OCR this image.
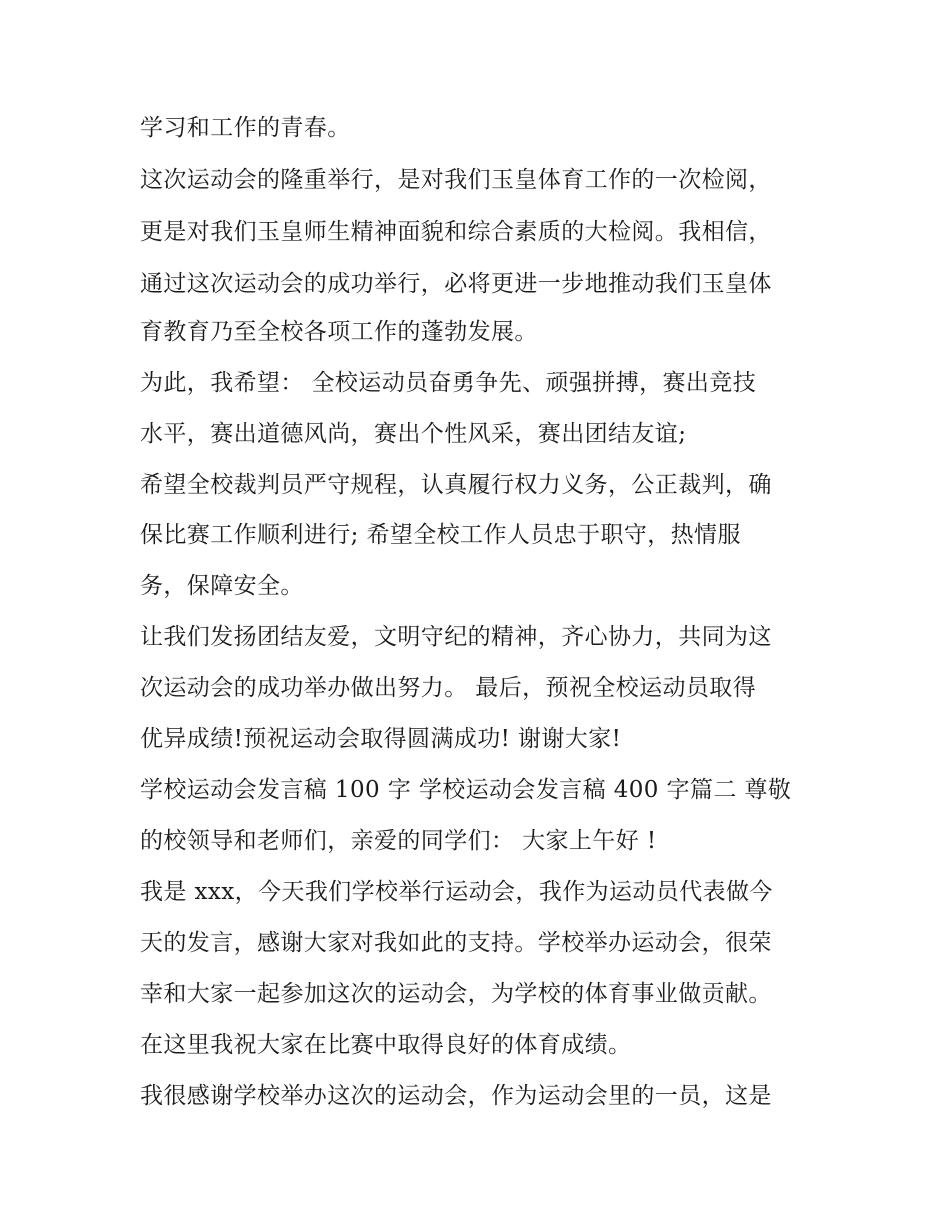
学习和工作的青春。

这次运动会的隆重举行，是对我们玉皇体育工作的一次检阅，

更是对我们玉皇师生精神面貌和综合素质的大检阅。我相信，

通过这次运动会的成功举行，必将更进一步地推动我们玉皇体

育教育乃至全校各项工作的蓬勃发展。

为此，我希望： 全校运动员奋勇争先、顽强拼搏，赛出竞技

水平，赛出道德风尚，赛出个性风采，赛出团结友谊;

希望全校裁判员严守规程，认真履行权力义务，公正裁判，确

保比赛工作顺利进行; 希望全校工作人员忠于职守，热情服

务，保障安全。

让我们发扬团结友爱，文明守纪的精神，齐心协力，共同为这

次运动会的成功举办做出努力。 最后，预祝全校运动员取得

优异成绩!预祝运动会取得圆满成功! 谢谢大家!

学校运动会发言稿 100 字 学校运动会发言稿 400 字篇二 尊敬

的校领导和老师们，亲爱的同学们： 大家上午好 !

我是 xxx，今天我们学校举行运动会，我作为运动员代表做今

天的发言，感谢大家对我如此的支持。学校举办运动会，很荣

幸和大家一起参加这次的运动会，为学校的体育事业做贡献。

在这里我祝大家在比赛中取得良好的体育成绩。

我很感谢学校举办这次的运动会，作为运动会里的一员，这是
